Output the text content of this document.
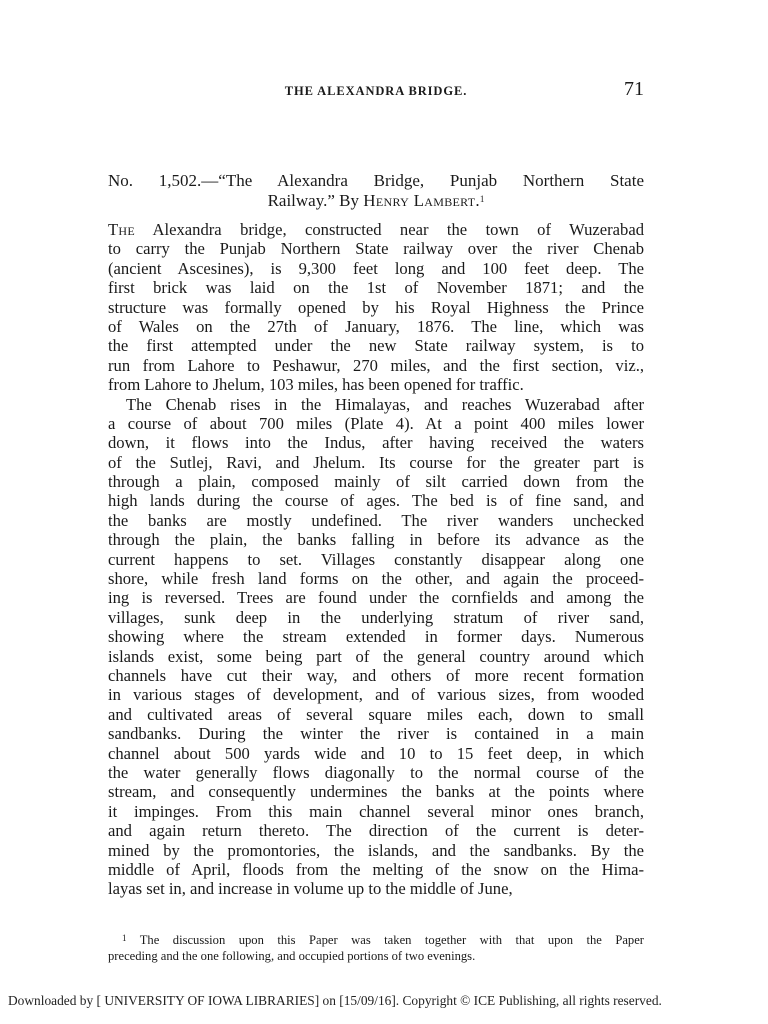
THE ALEXANDRA BRIDGE.	71
No. 1,502.—“The Alexandra Bridge, Punjab Northern State
Railway.” By Henry Lambert.$^1$
The Alexandra bridge, constructed near the town of Wuzerabad
to carry the Punjab Northern State railway over the river Chenab
(ancient Ascesines), is 9,300 feet long and 100 feet deep. The
first brick was laid on the 1st of November 1871; and the
structure was formally opened by his Royal Highness the Prince
of Wales on the 27th of January, 1876. The line, which was
the first attempted under the new State railway system, is to
run from Lahore to Peshawur, 270 miles, and the first section, viz.,
from Lahore to Jhelum, 103 miles, has been opened for traffic.
The Chenab rises in the Himalayas, and reaches Wuzerabad after
a course of about 700 miles (Plate 4). At a point 400 miles lower
down, it flows into the Indus, after having received the waters
of the Sutlej, Ravi, and Jhelum. Its course for the greater part is
through a plain, composed mainly of silt carried down from the
high lands during the course of ages. The bed is of fine sand, and
the banks are mostly undefined. The river wanders unchecked
through the plain, the banks falling in before its advance as the
current happens to set. Villages constantly disappear along one
shore, while fresh land forms on the other, and again the proceed-
ing is reversed. Trees are found under the cornfields and among the
villages, sunk deep in the underlying stratum of river sand,
showing where the stream extended in former days. Numerous
islands exist, some being part of the general country around which
channels have cut their way, and others of more recent formation
in various stages of development, and of various sizes, from wooded
and cultivated areas of several square miles each, down to small
sandbanks. During the winter the river is contained in a main
channel about 500 yards wide and 10 to 15 feet deep, in which
the water generally flows diagonally to the normal course of the
stream, and consequently undermines the banks at the points where
it impinges. From this main channel several minor ones branch,
and again return thereto. The direction of the current is deter-
mined by the promontories, the islands, and the sandbanks. By the
middle of April, floods from the melting of the snow on the Hima-
layas set in, and increase in volume up to the middle of June,
$^1$ The discussion upon this Paper was taken together with that upon the Paper
preceding and the one following, and occupied portions of two evenings.
Downloaded by [ UNIVERSITY OF IOWA LIBRARIES] on [15/09/16]. Copyright © ICE Publishing, all rights reserved.
